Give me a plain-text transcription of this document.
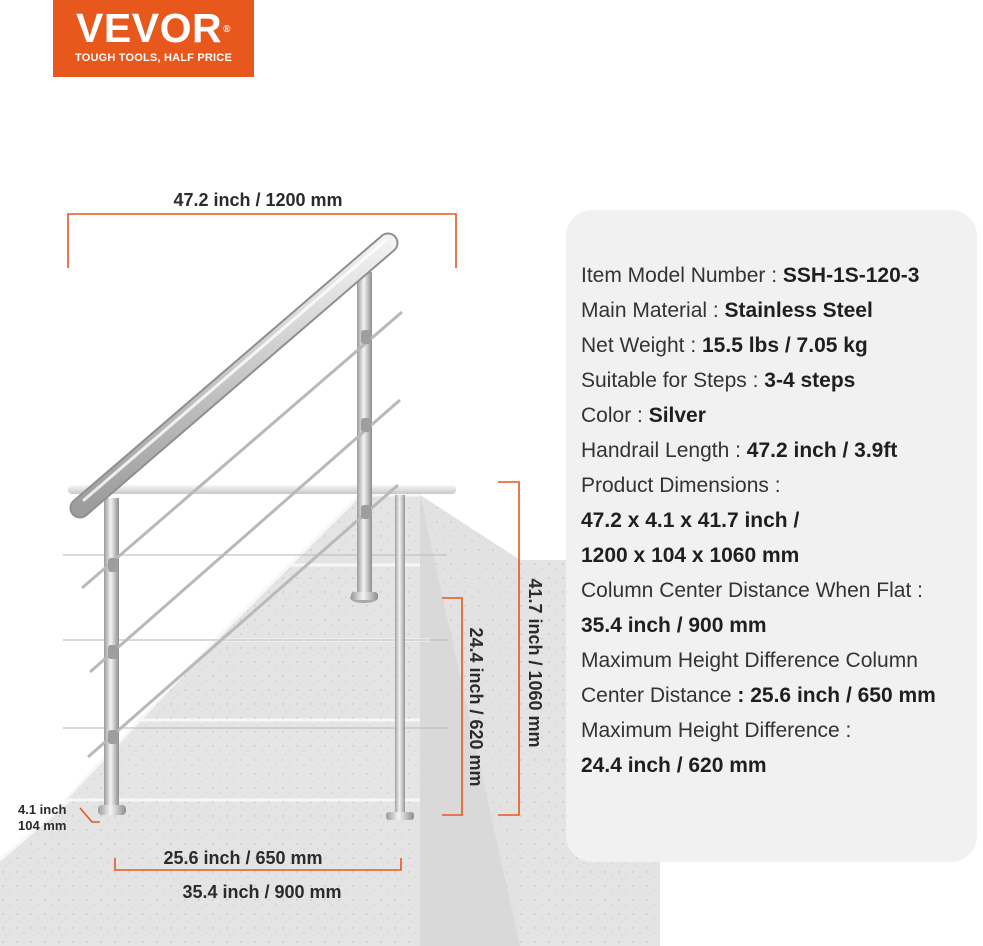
VEVOR®
TOUGH TOOLS, HALF PRICE
47.2 inch / 1200 mm
41.7 inch / 1060 mm
24.4 inch / 620 mm
4.1 inch
104 mm
25.6 inch / 650 mm
35.4 inch / 900 mm
Item Model Number : SSH-1S-120-3
Main Material : Stainless Steel
Net Weight : 15.5 lbs / 7.05 kg
Suitable for Steps : 3-4 steps
Color : Silver
Handrail Length : 47.2 inch / 3.9ft
Product Dimensions :
47.2 x 4.1 x 41.7 inch /
1200 x 104 x 1060 mm
Column Center Distance When Flat :
35.4 inch / 900 mm
Maximum Height Difference Column
Center Distance : 25.6 inch / 650 mm
Maximum Height Difference :
24.4 inch / 620 mm
